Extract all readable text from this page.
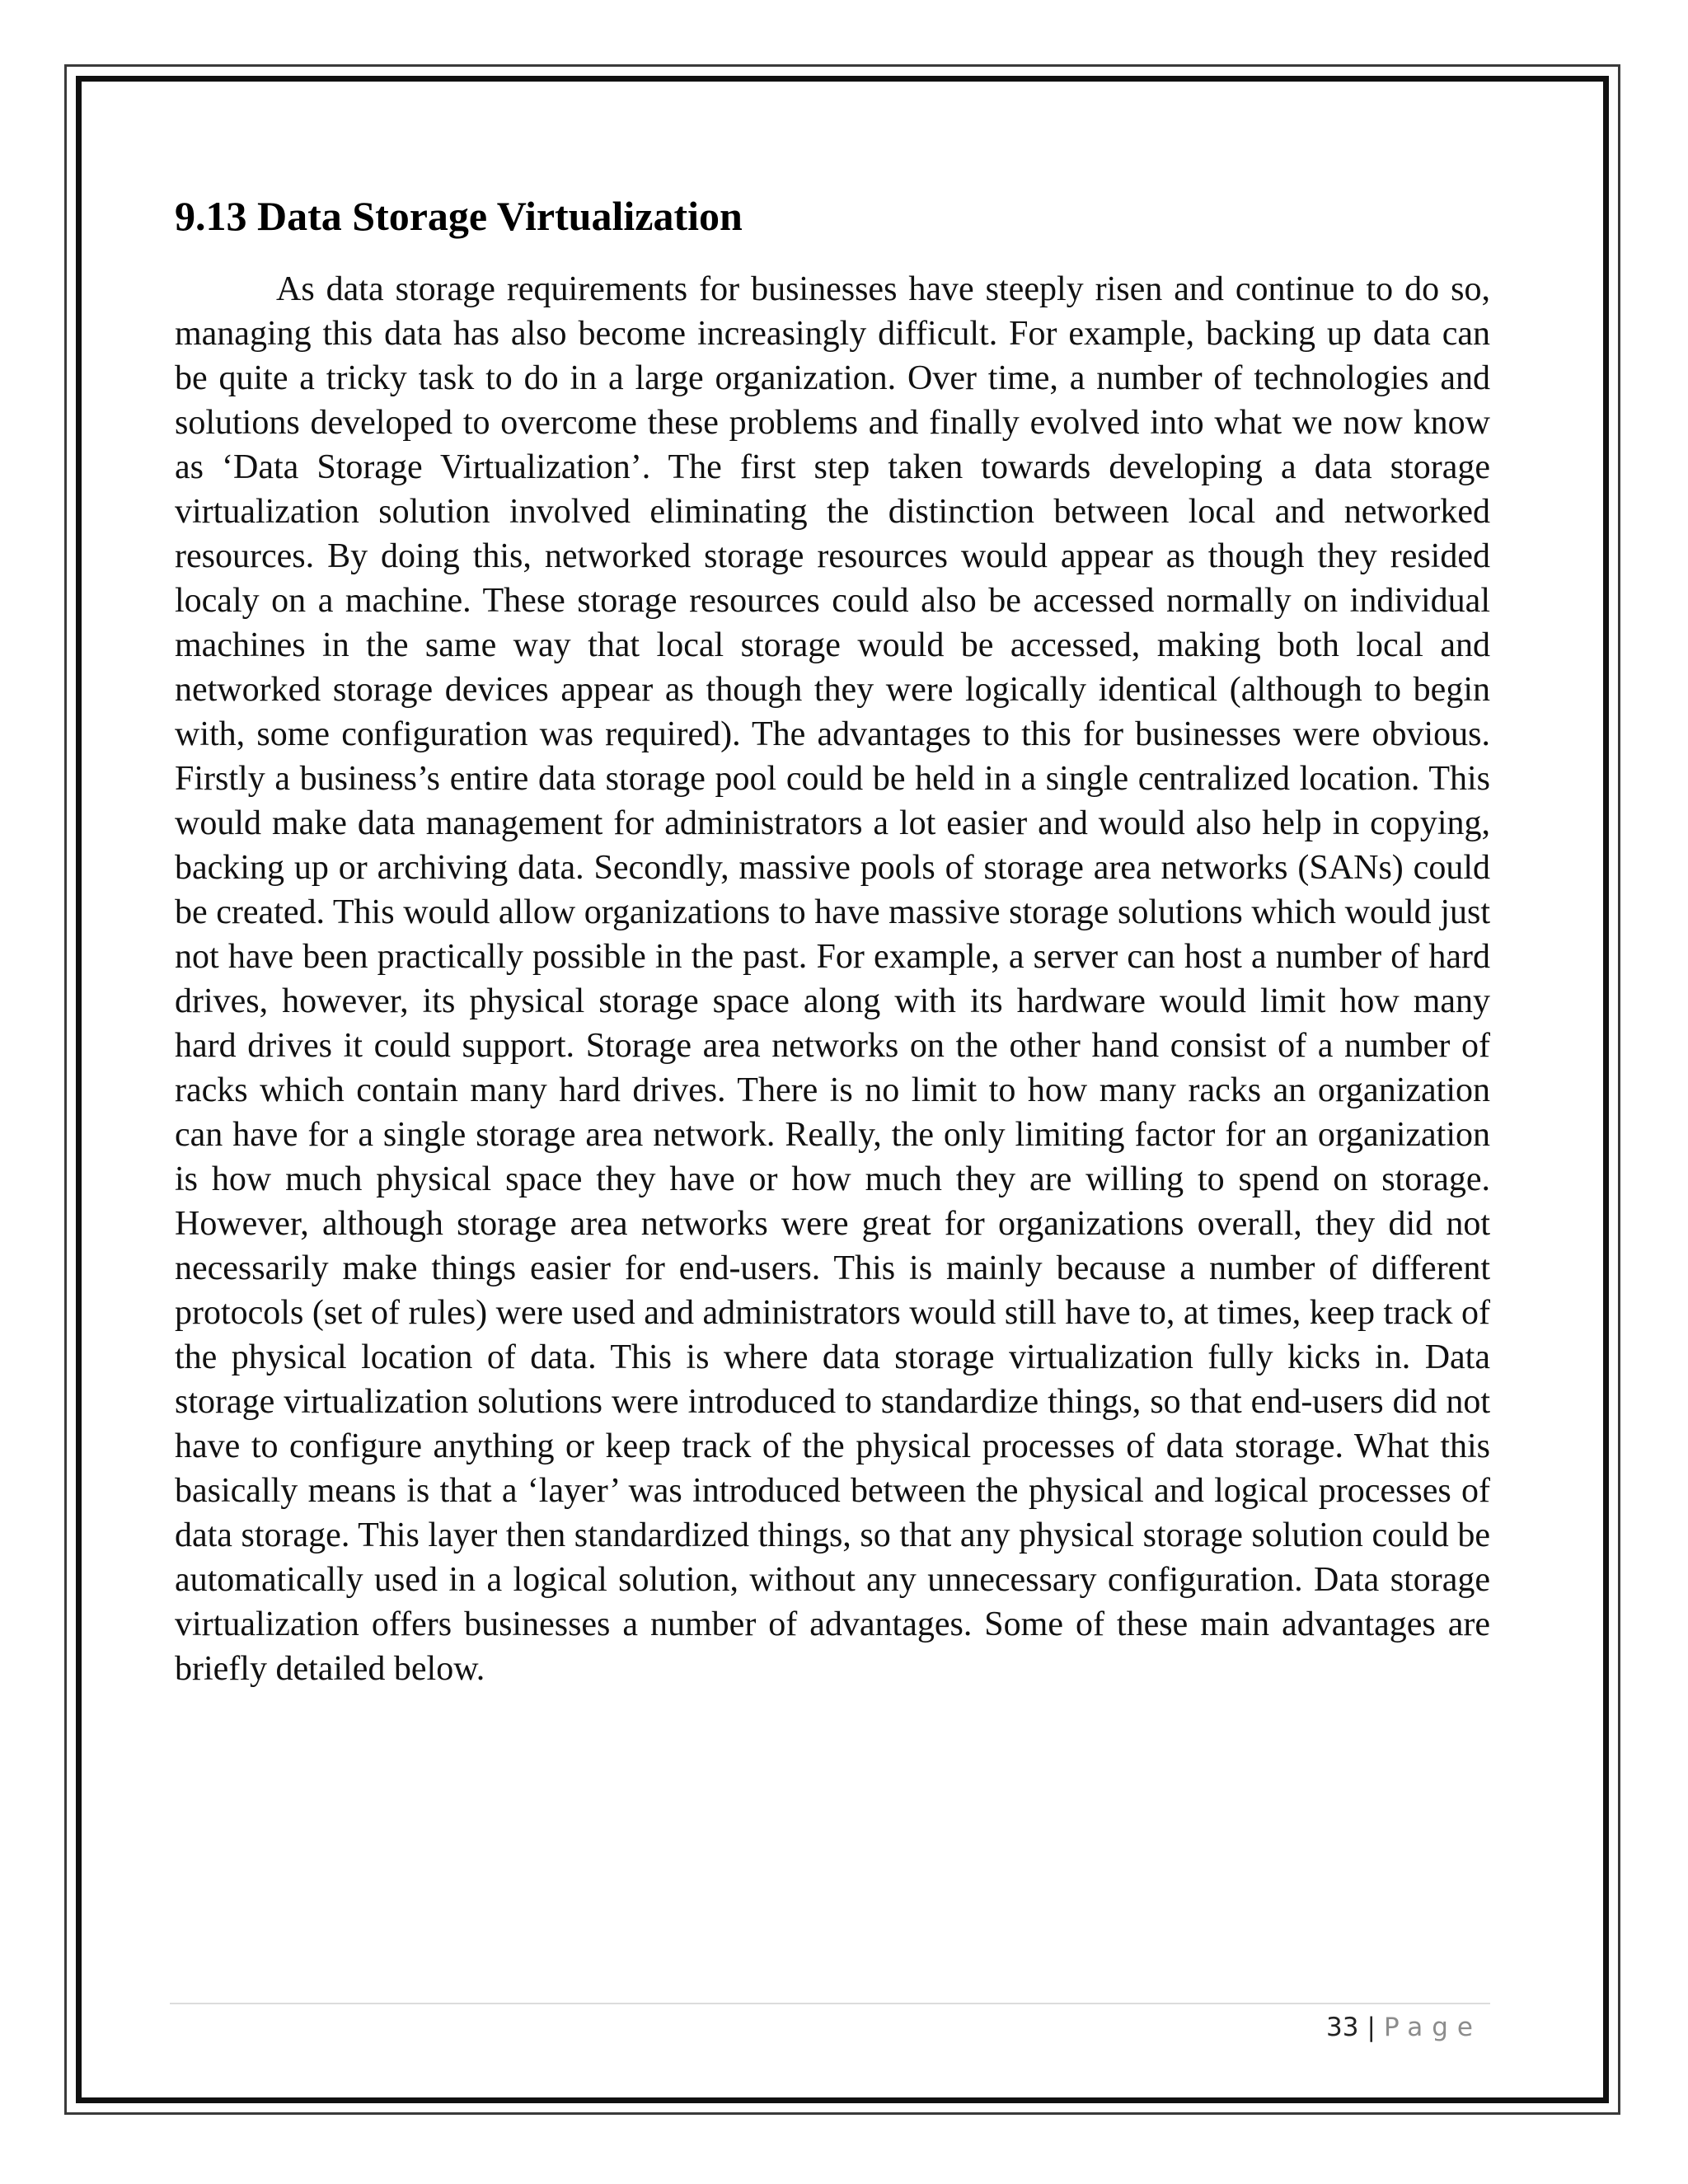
9.13 Data Storage Virtualization

As data storage requirements for businesses have steeply risen and continue to do so, managing this data has also become increasingly difficult. For example, backing up data can be quite a tricky task to do in a large organization. Over time, a number of technologies and solutions developed to overcome these problems and finally evolved into what we now know as ‘Data Storage Virtualization’. The first step taken towards developing a data storage virtualization solution involved eliminating the distinction between local and networked resources. By doing this, networked storage resources would appear as though they resided localy on a machine. These storage resources could also be accessed normally on individual machines in the same way that local storage would be accessed, making both local and networked storage devices appear as though they were logically identical (although to begin with, some configuration was required). The advantages to this for businesses were obvious. Firstly a business’s entire data storage pool could be held in a single centralized location. This would make data management for administrators a lot easier and would also help in copying, backing up or archiving data. Secondly, massive pools of storage area networks (SANs) could be created. This would allow organizations to have massive storage solutions which would just not have been practically possible in the past. For example, a server can host a number of hard drives, however, its physical storage space along with its hardware would limit how many hard drives it could support. Storage area networks on the other hand consist of a number of racks which contain many hard drives. There is no limit to how many racks an organization can have for a single storage area network. Really, the only limiting factor for an organization is how much physical space they have or how much they are willing to spend on storage. However, although storage area networks were great for organizations overall, they did not necessarily make things easier for end-users. This is mainly because a number of different protocols (set of rules) were used and administrators would still have to, at times, keep track of the physical location of data. This is where data storage virtualization fully kicks in. Data storage virtualization solutions were introduced to standardize things, so that end-users did not have to configure anything or keep track of the physical processes of data storage. What this basically means is that a ‘layer’ was introduced between the physical and logical processes of data storage. This layer then standardized things, so that any physical storage solution could be automatically used in a logical solution, without any unnecessary configuration. Data storage virtualization offers businesses a number of advantages. Some of these main advantages are briefly detailed below.

33 | Page
